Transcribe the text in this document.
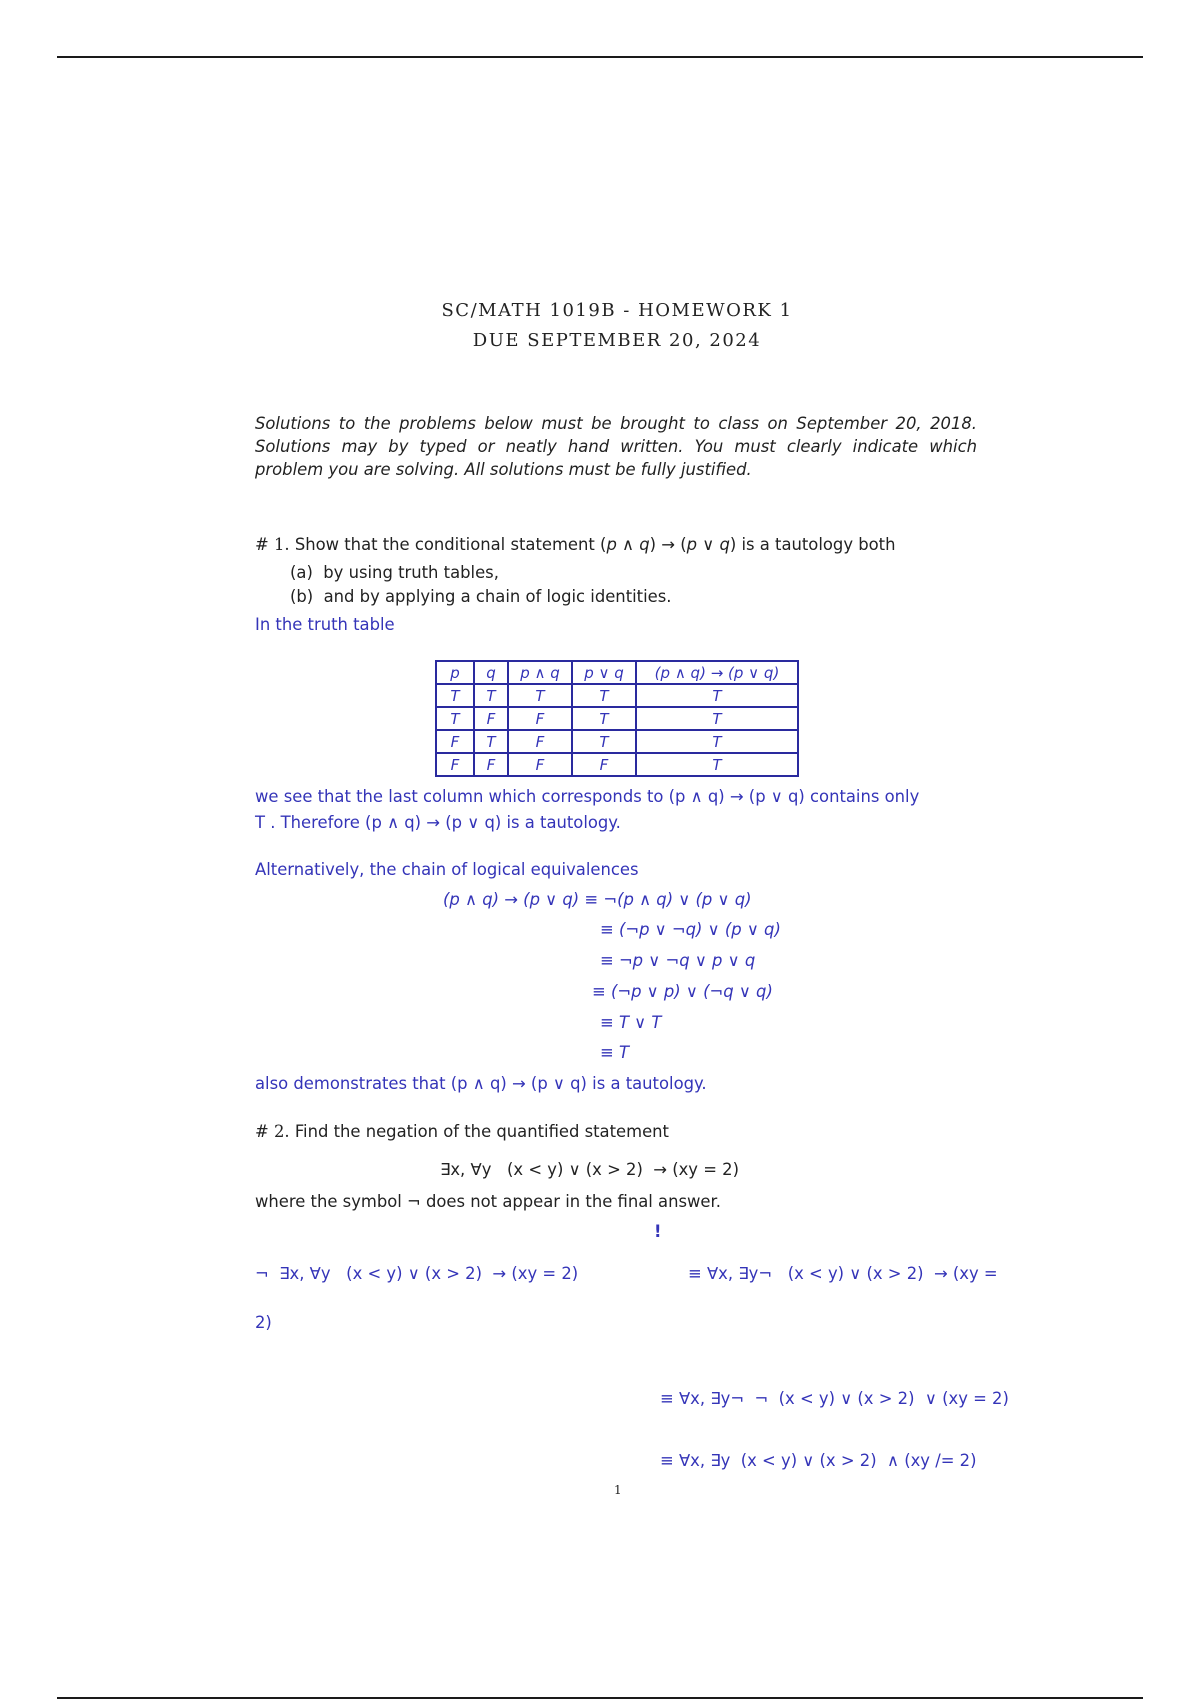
SC/MATH 1019B - HOMEWORK 1
DUE SEPTEMBER 20, 2024
Solutions to the problems below must be brought to class on September 20, 2018. Solutions may by typed or neatly hand written. You must clearly indicate which problem you are solving. All solutions must be fully justified.
# 1. Show that the conditional statement (p ∧ q) → (p ∨ q) is a tautology both
(a) by using truth tables,
(b) and by applying a chain of logic identities.
In the truth table
p	q	p ∧ q	p ∨ q	(p ∧ q) → (p ∨ q)
T	T	T	T	T
T	F	F	T	T
F	T	F	T	T
F	F	F	F	T
we see that the last column which corresponds to (p ∧ q) → (p ∨ q) contains only
T . Therefore (p ∧ q) → (p ∨ q) is a tautology.
Alternatively, the chain of logical equivalences
(p ∧ q) → (p ∨ q) ≡ ¬(p ∧ q) ∨ (p ∨ q)
≡ (¬p ∨ ¬q) ∨ (p ∨ q)
≡ ¬p ∨ ¬q ∨ p ∨ q
≡ (¬p ∨ p) ∨ (¬q ∨ q)
≡ T ∨ T
≡ T
also demonstrates that (p ∧ q) → (p ∨ q) is a tautology.
# 2. Find the negation of the quantified statement
∃x, ∀y   (x < y) ∨ (x > 2)  → (xy = 2)
where the symbol ¬ does not appear in the final answer.
!
¬  ∃x, ∀y   (x < y) ∨ (x > 2)  → (xy = 2)	≡ ∀x, ∃y¬   (x < y) ∨ (x > 2)  → (xy =
2)
≡ ∀x, ∃y¬  ¬  (x < y) ∨ (x > 2)  ∨ (xy = 2)
≡ ∀x, ∃y  (x < y) ∨ (x > 2)  ∧ (xy /= 2)
1
